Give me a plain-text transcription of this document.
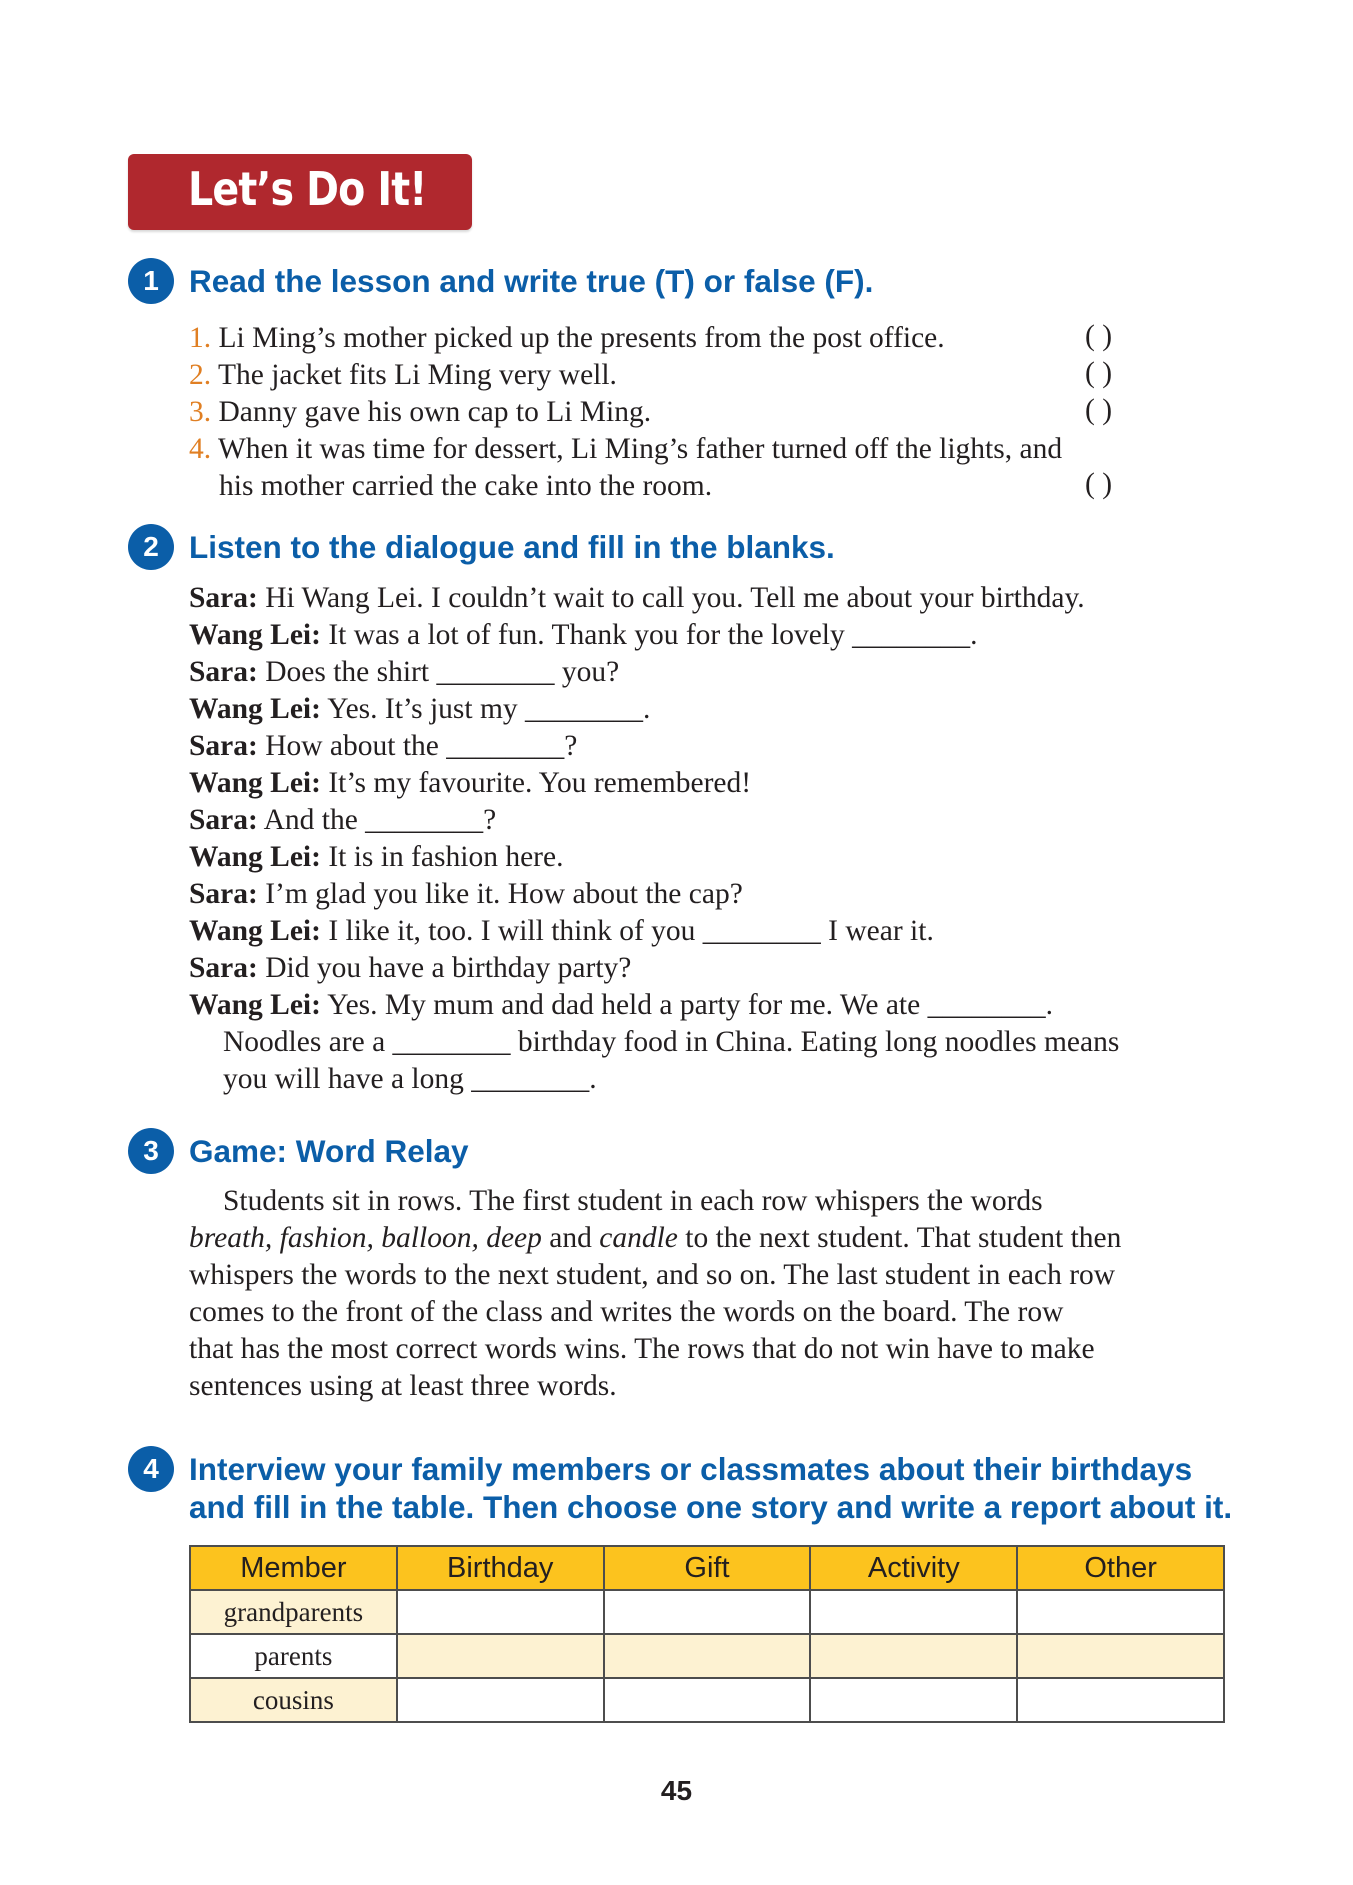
Let’s Do It!
1 Read the lesson and write true (T) or false (F).
1. Li Ming’s mother picked up the presents from the post office.	( )
2. The jacket fits Li Ming very well.	( )
3. Danny gave his own cap to Li Ming.	( )
4. When it was time for dessert, Li Ming’s father turned off the lights, and
his mother carried the cake into the room.	( )
2 Listen to the dialogue and fill in the blanks.
Sara: Hi Wang Lei. I couldn’t wait to call you. Tell me about your birthday.
Wang Lei: It was a lot of fun. Thank you for the lovely ________.
Sara: Does the shirt ________ you?
Wang Lei: Yes. It’s just my ________.
Sara: How about the ________?
Wang Lei: It’s my favourite. You remembered!
Sara: And the ________?
Wang Lei: It is in fashion here.
Sara: I’m glad you like it. How about the cap?
Wang Lei: I like it, too. I will think of you ________ I wear it.
Sara: Did you have a birthday party?
Wang Lei: Yes. My mum and dad held a party for me. We ate ________.
Noodles are a ________ birthday food in China. Eating long noodles means
you will have a long ________.
3 Game: Word Relay
Students sit in rows. The first student in each row whispers the words
breath, fashion, balloon, deep and candle to the next student. That student then
whispers the words to the next student, and so on. The last student in each row
comes to the front of the class and writes the words on the board. The row
that has the most correct words wins. The rows that do not win have to make
sentences using at least three words.
4 Interview your family members or classmates about their birthdays
and fill in the table. Then choose one story and write a report about it.
Member	Birthday	Gift	Activity	Other
grandparents				
parents				
cousins				
45
